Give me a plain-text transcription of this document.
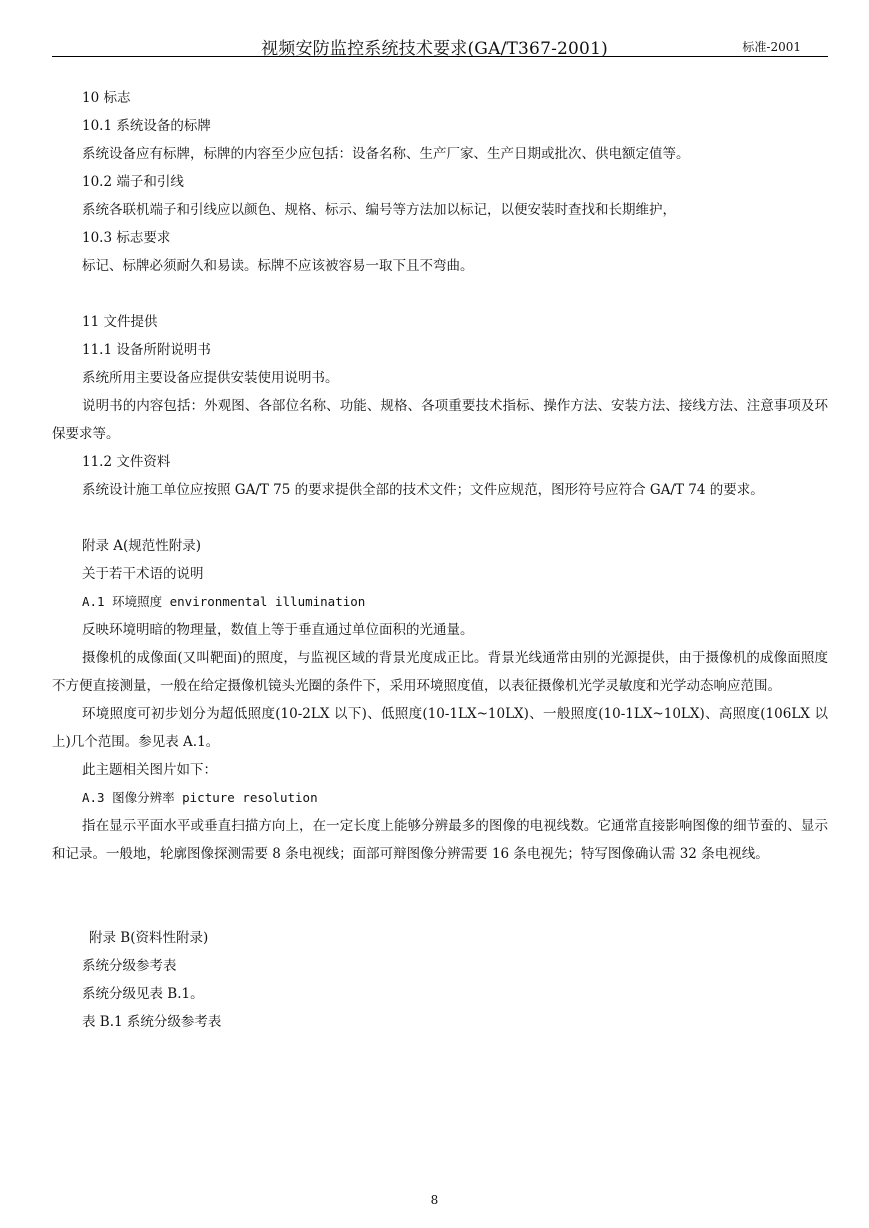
视频安防监控系统技术要求(GA/T367-2001)	标准-2001
10 标志
10.1 系统设备的标牌
系统设备应有标牌，标牌的内容至少应包括：设备名称、生产厂家、生产日期或批次、供电额定值等。
10.2 端子和引线
系统各联机端子和引线应以颜色、规格、标示、编号等方法加以标记，以便安装时查找和长期维护，
10.3 标志要求
标记、标牌必须耐久和易读。标牌不应该被容易一取下且不弯曲。
11 文件提供
11.1 设备所附说明书
系统所用主要设备应提供安装使用说明书。
说明书的内容包括：外观图、各部位名称、功能、规格、各项重要技术指标、操作方法、安装方法、接线方法、注意事项及环保要求等。
11.2 文件资料
系统设计施工单位应按照 GA/T 75 的要求提供全部的技术文件；文件应规范，图形符号应符合 GA/T 74 的要求。
附录 A(规范性附录)
关于若干术语的说明
A.1 环境照度 environmental illumination
反映环境明暗的物理量，数值上等于垂直通过单位面积的光通量。
摄像机的成像面(又叫靶面)的照度，与监视区域的背景光度成正比。背景光线通常由别的光源提供，由于摄像机的成像面照度不方便直接测量，一般在给定摄像机镜头光圈的条件下，采用环境照度值，以表征摄像机光学灵敏度和光学动态响应范围。
环境照度可初步划分为超低照度(10-2LX 以下)、低照度(10-1LX~10LX)、一般照度(10-1LX~10LX)、高照度(106LX 以上)几个范围。参见表 A.1。
此主题相关图片如下：
A.3 图像分辨率 picture resolution
指在显示平面水平或垂直扫描方向上，在一定长度上能够分辨最多的图像的电视线数。它通常直接影响图像的细节蚕的、显示和记录。一般地，轮廓图像探测需要 8 条电视线；面部可辩图像分辨需要 16 条电视先；特写图像确认需 32 条电视线。
附录 B(资料性附录)
系统分级参考表
系统分级见表 B.1。
表 B.1 系统分级参考表
8
